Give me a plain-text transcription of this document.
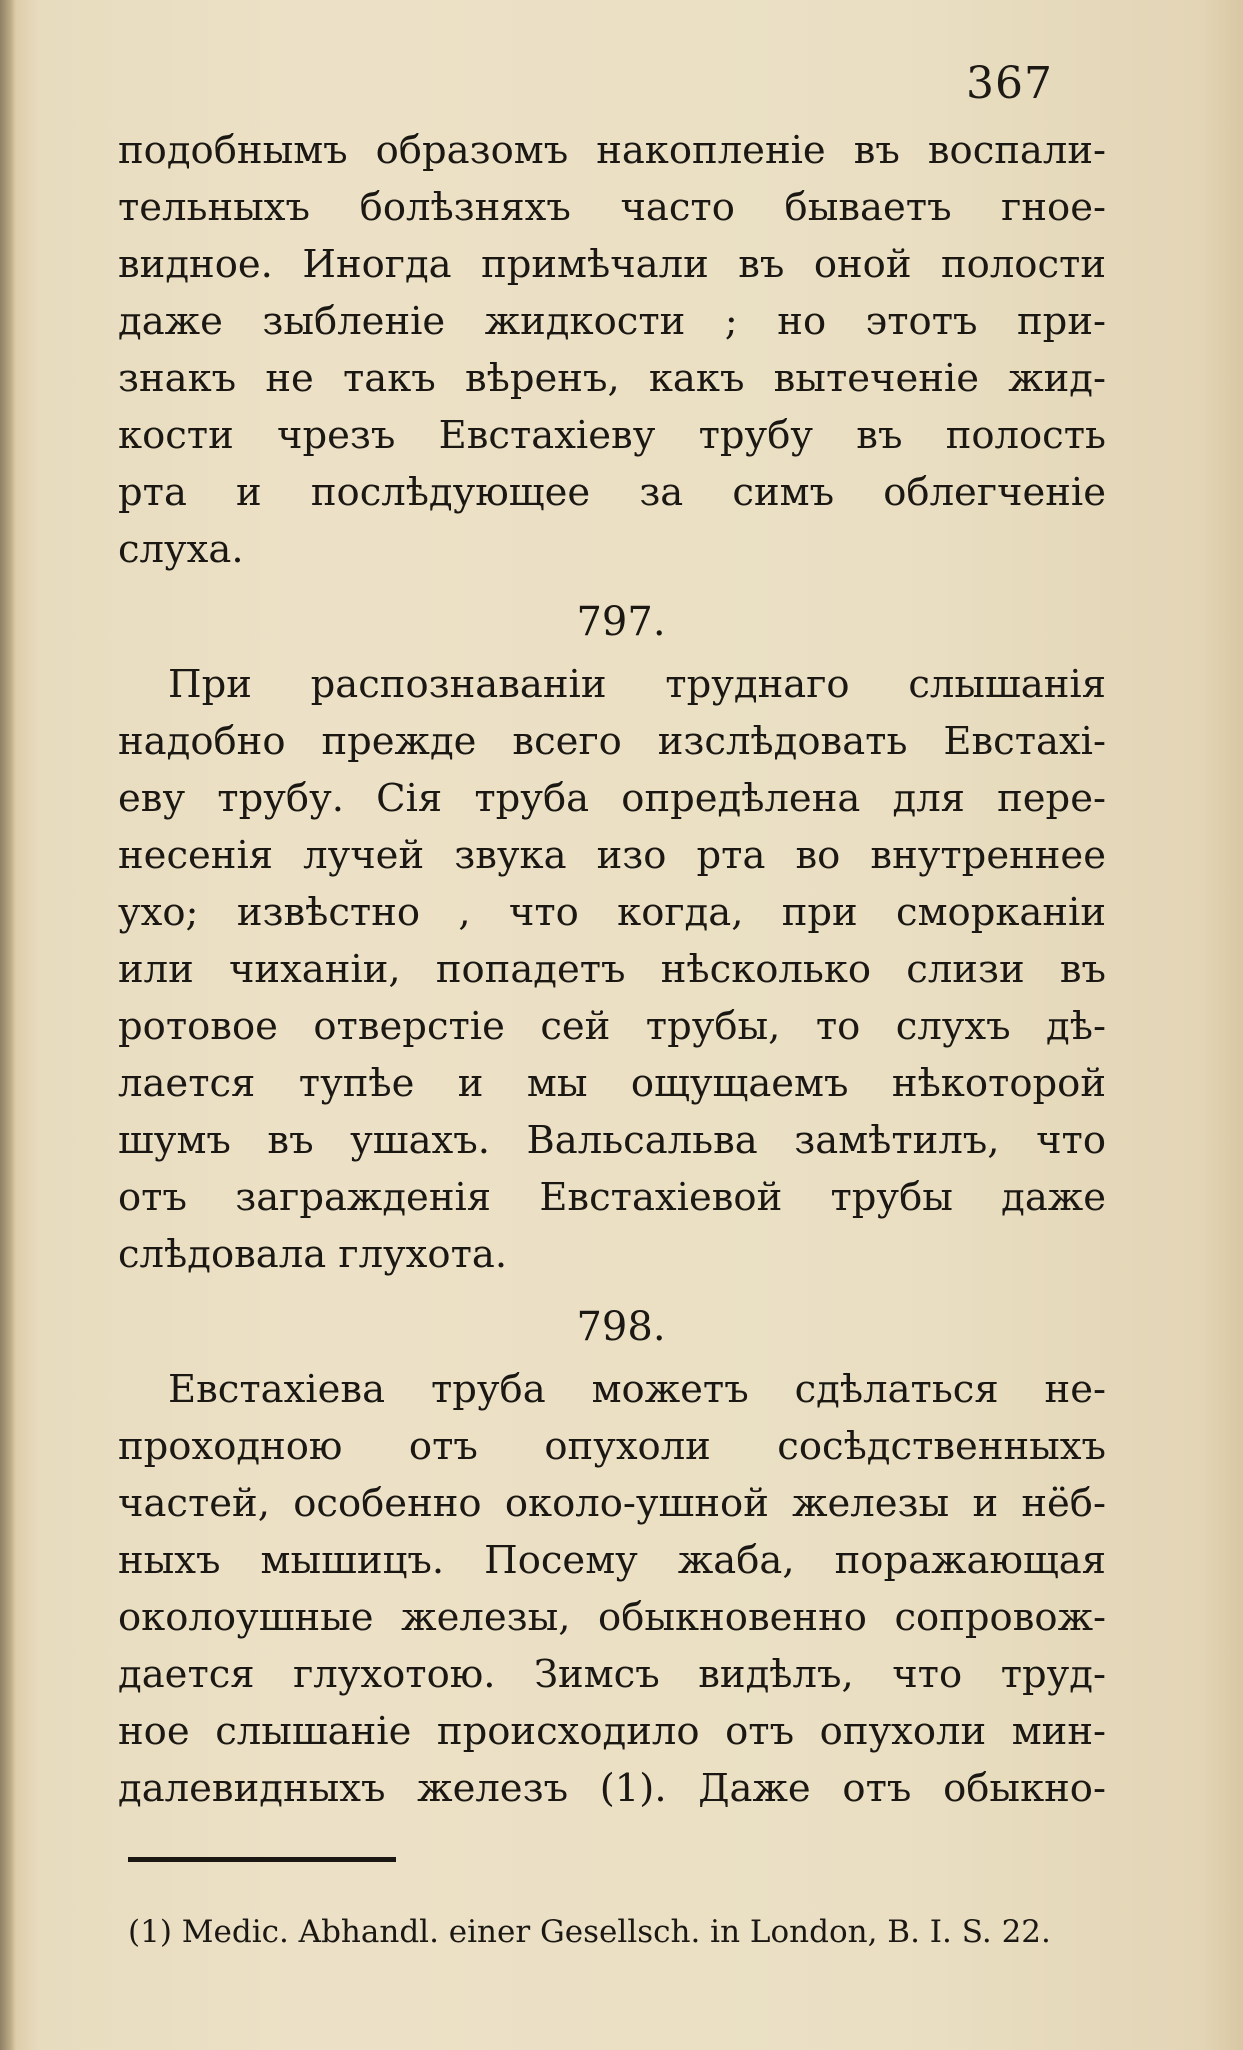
367
подобнымъ образомъ накопленіе въ воспали-
тельныхъ болѣзняхъ часто бываетъ гное-
видное. Иногда примѣчали въ оной полости
даже зыбленіе жидкости ; но этотъ при-
знакъ не такъ вѣренъ, какъ вытеченіе жид-
кости чрезъ Евстахіеву трубу въ полость
рта и послѣдующее за симъ облегченіе
слуха.
797.
При распознаваніи труднаго слышанія
надобно прежде всего изслѣдовать Евстахі-
еву трубу. Сія труба опредѣлена для пере-
несенія лучей звука изо рта во внутреннее
ухо; извѣстно , что когда, при сморканіи
или чиханіи, попадетъ нѣсколько слизи въ
ротовое отверстіе сей трубы, то слухъ дѣ-
лается тупѣе и мы ощущаемъ нѣкоторой
шумъ въ ушахъ. Вальсальва замѣтилъ, что
отъ загражденія Евстахіевой трубы даже
слѣдовала глухота.
798.
Евстахіева труба можетъ сдѣлаться не-
проходною отъ опухоли сосѣдственныхъ
частей, особенно около-ушной железы и нёб-
ныхъ мышицъ. Посему жаба, поражающая
околоушные железы, обыкновенно сопровож-
дается глухотою. Зимсъ видѣлъ, что труд-
ное слышаніе происходило отъ опухоли мин-
далевидныхъ железъ (1). Даже отъ обыкно-
(1) Medic. Abhandl. einer Gesellsch. in London, B. I. S. 22.
